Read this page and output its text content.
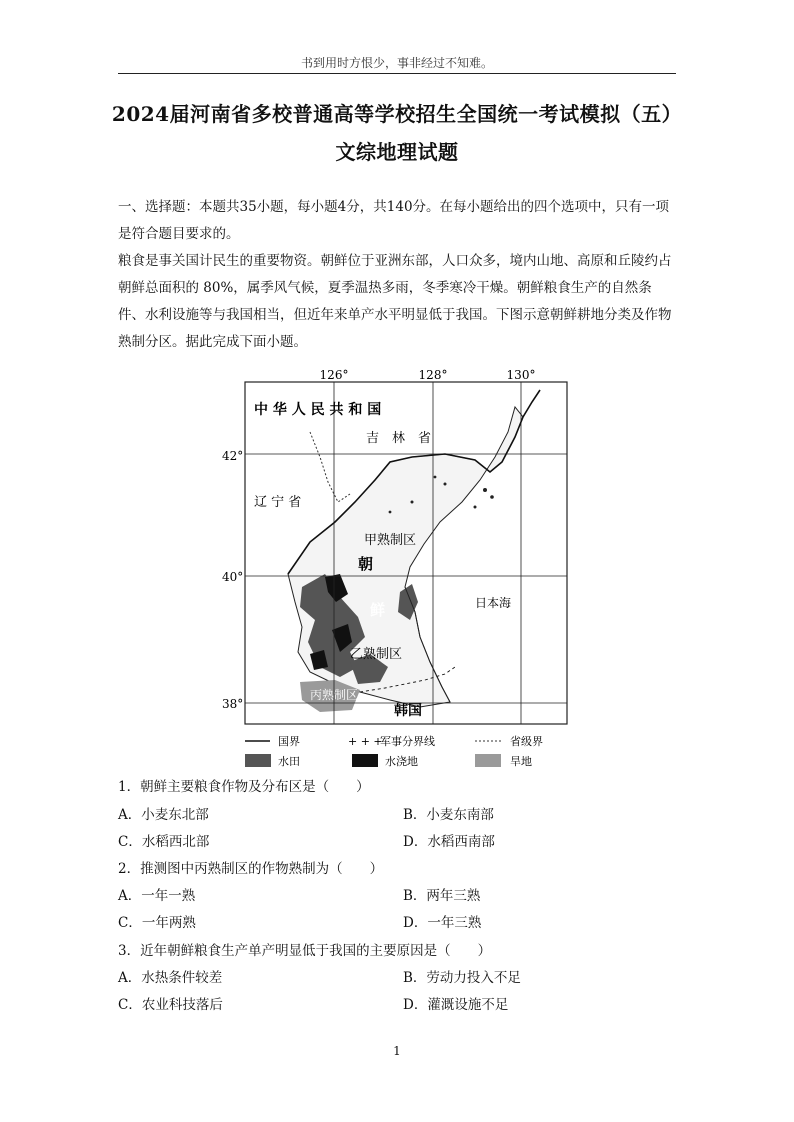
书到用时方恨少，事非经过不知难。
2024届河南省多校普通高等学校招生全国统一考试模拟（五）
文综地理试题

一、选择题：本题共35小题，每小题4分，共140分。在每小题给出的四个选项中，只有一项是符合题目要求的。

粮食是事关国计民生的重要物资。朝鲜位于亚洲东部，人口众多，境内山地、高原和丘陵约占朝鲜总面积的 80%，属季风气候，夏季温热多雨，冬季寒冷干燥。朝鲜粮食生产的自然条件、水利设施等与我国相当，但近年来单产水平明显低于我国。下图示意朝鲜耕地分类及作物熟制分区。据此完成下面小题。

126°	128°	130°
42°
40°
38°
中 华 人 民 共 和 国
吉　林　省
辽 宁 省
甲熟制区
朝
鲜
乙熟制区
丙熟制区
日本海
韩国
国界	+ + +
军事分界线	省级界
水田	水浇地	旱地
1．朝鲜主要粮食作物及分布区是（　　）
A．小麦东北部	B．小麦东南部
C．水稻西北部	D．水稻西南部
2．推测图中丙熟制区的作物熟制为（　　）
A．一年一熟	B．两年三熟
C．一年两熟	D．一年三熟
3．近年朝鲜粮食生产单产明显低于我国的主要原因是（　　）
A．水热条件较差	B．劳动力投入不足
C．农业科技落后	D．灌溉设施不足
1
